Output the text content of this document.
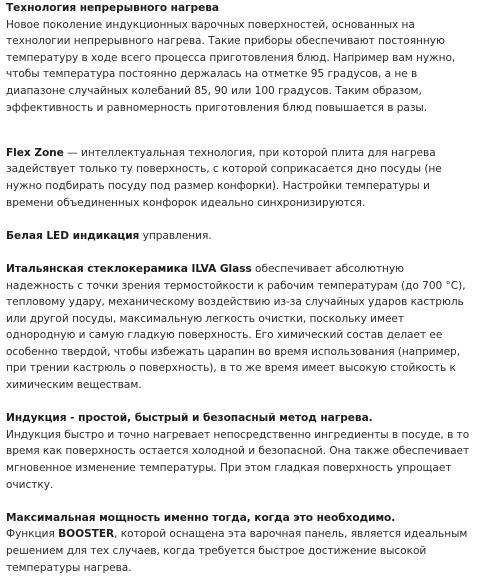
Технология непрерывного нагрева

Новое поколение индукционных варочных поверхностей, основанных на технологии непрерывного нагрева. Такие приборы обеспечивают постоянную температуру в ходе всего процесса приготовления блюд. Например вам нужно, чтобы температура постоянно держалась на отметке 95 градусов, а не в диапазоне случайных колебаний 85, 90 или 100 градусов. Таким образом, эффективность и равномерность приготовления блюд повышается в разы.

Flex Zone — интеллектуальная технология, при которой плита для нагрева задействует только ту поверхность, с которой соприкасается дно посуды (не нужно подбирать посуду под размер конфорки). Настройки температуры и времени объединенных конфорок идеально синхронизируются.

Белая LED индикация управления.

Итальянская стеклокерамика ILVA Glass обеспечивает абсолютную надежность с точки зрения термостойкости к рабочим температурам (до 700 °С), тепловому удару, механическому воздействию из-за случайных ударов кастрюль или другой посуды, максимальную легкость очистки, поскольку имеет однородную и самую гладкую поверхность. Его химический состав делает ее особенно твердой, чтобы избежать царапин во время использования (например, при трении кастрюль о поверхность), в то же время имеет высокую стойкость к химическим веществам.

Индукция - простой, быстрый и безопасный метод нагрева.

Индукция быстро и точно нагревает непосредственно ингредиенты в посуде, в то время как поверхность остается холодной и безопасной. Она также обеспечивает мгновенное изменение температуры. При этом гладкая поверхность упрощает очистку.

Максимальная мощность именно тогда, когда это необходимо.

Функция BOOSTER, которой оснащена эта варочная панель, является идеальным решением для тех случаев, когда требуется быстрое достижение высокой температуры нагрева.
